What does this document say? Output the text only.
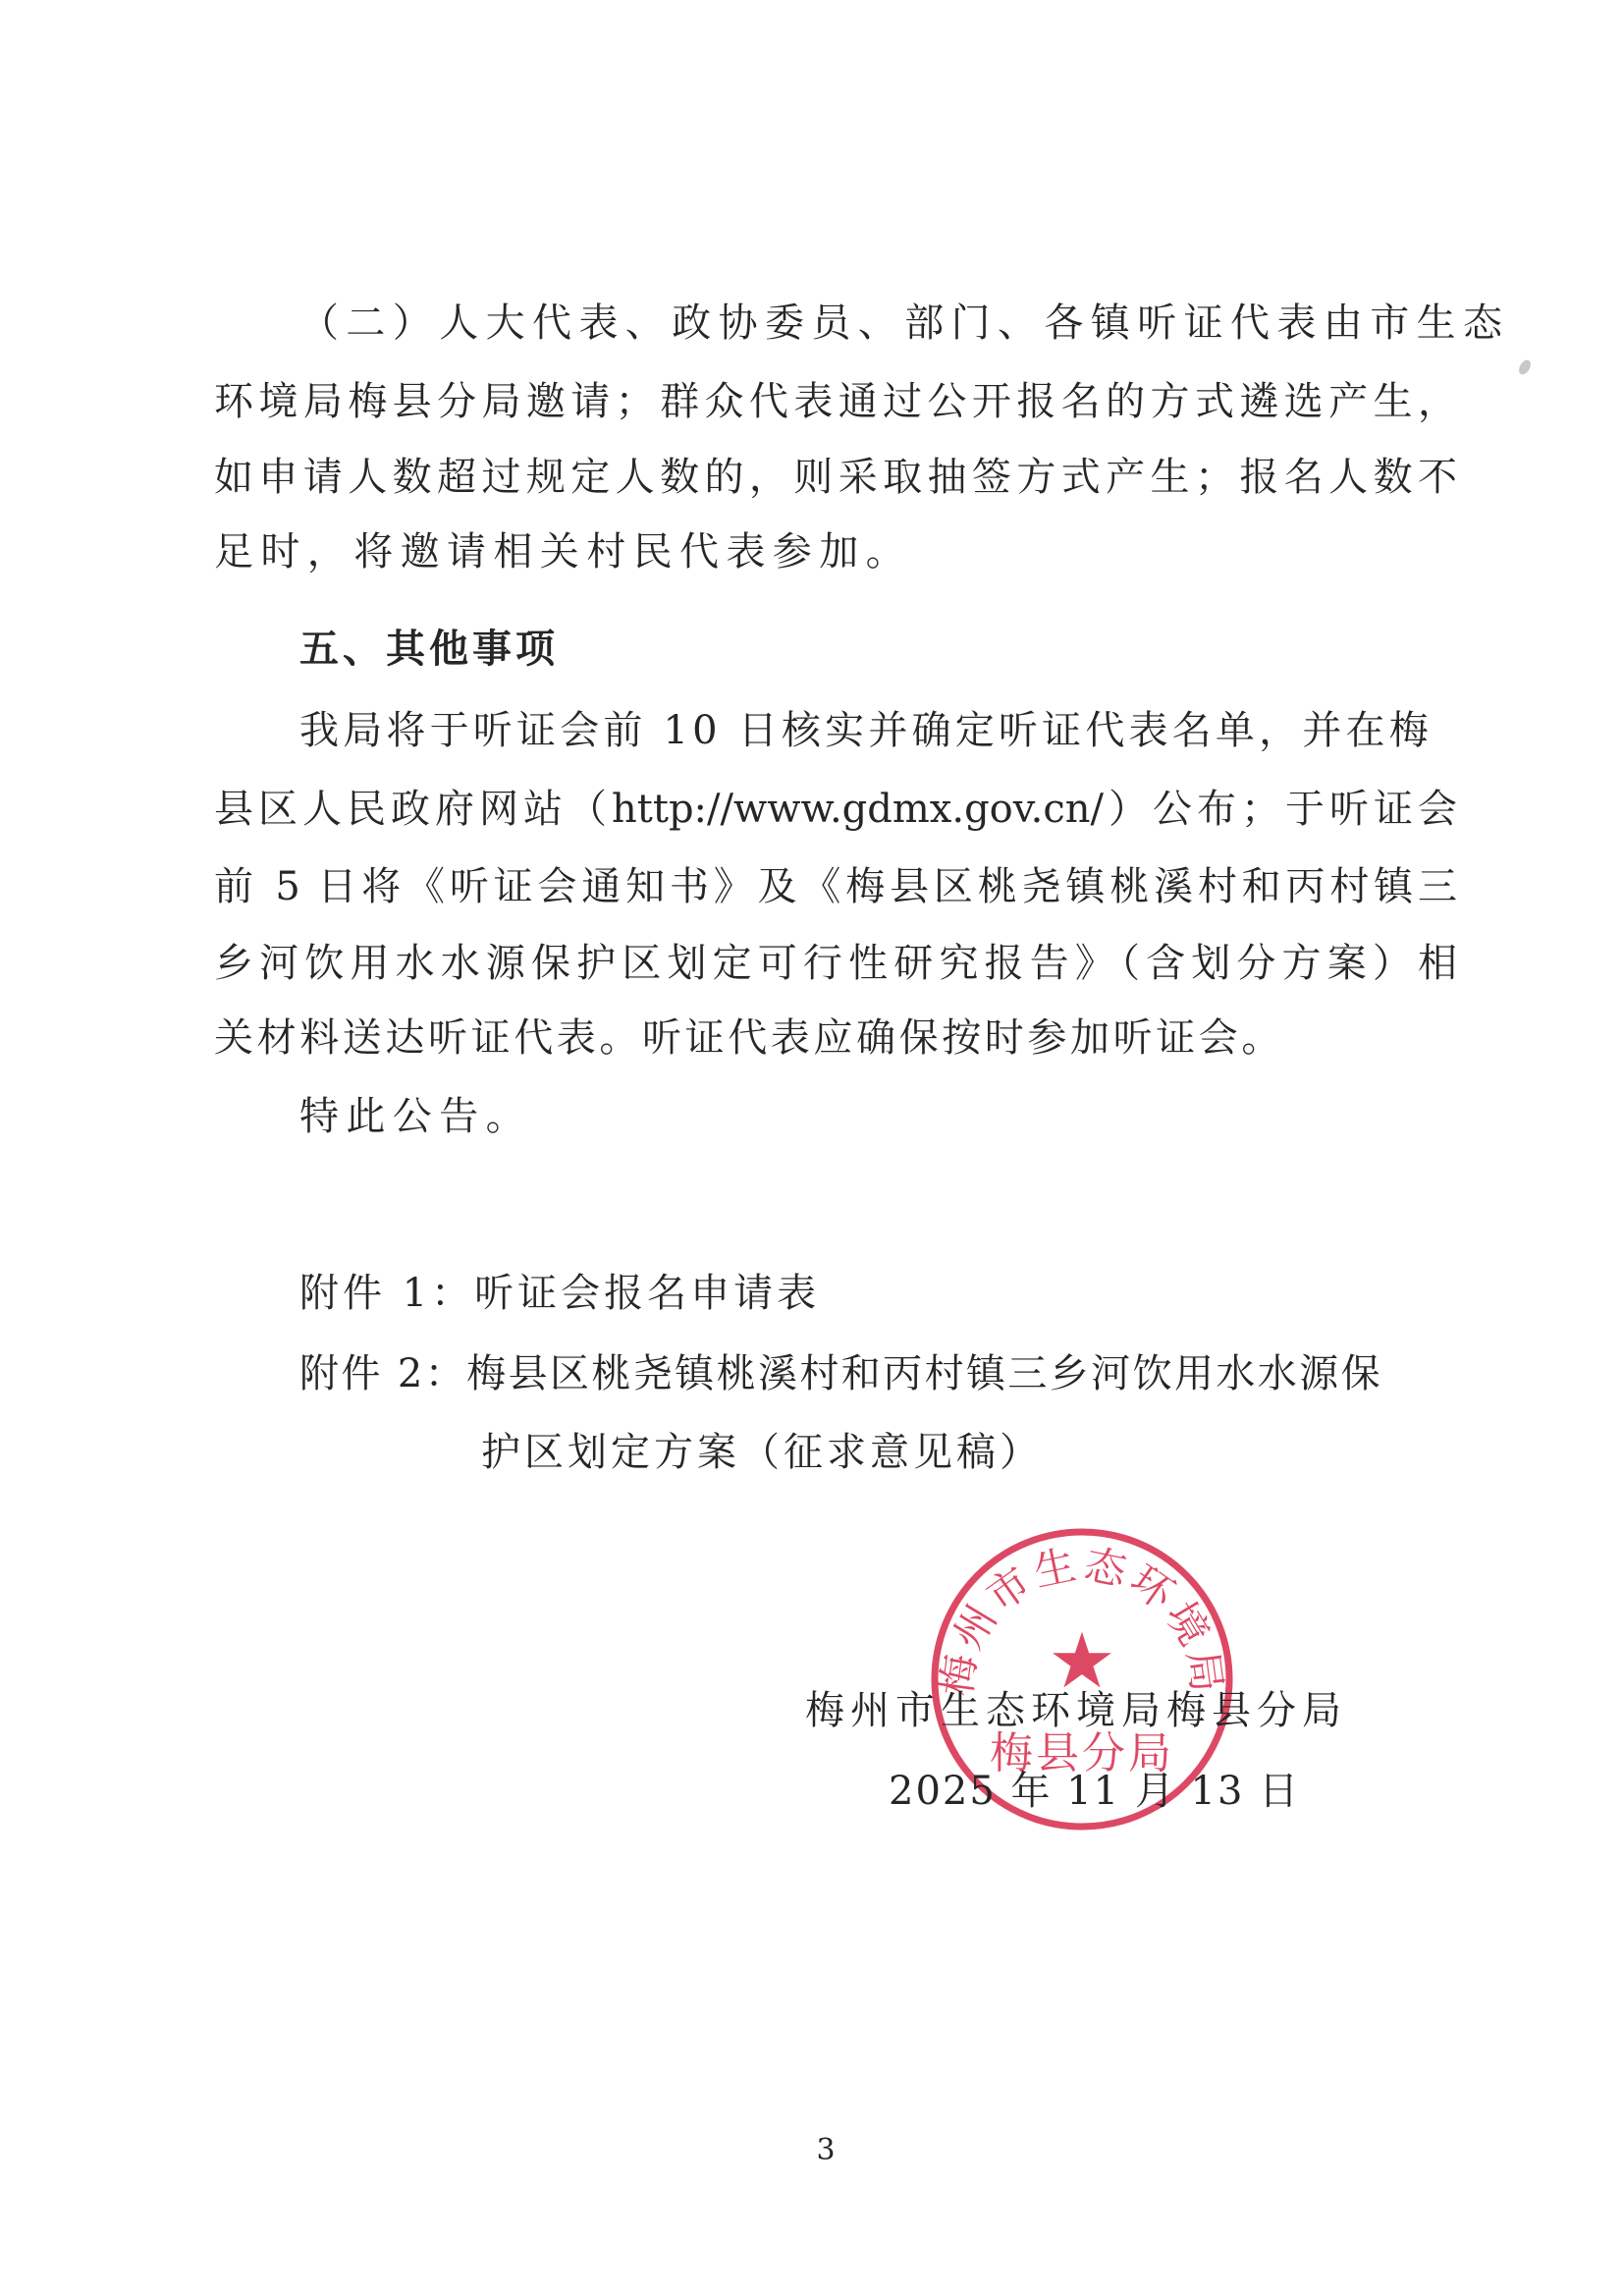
（二）人大代表、政协委员、部门、各镇听证代表由市生态
环境局梅县分局邀请；群众代表通过公开报名的方式遴选产生，
如申请人数超过规定人数的，则采取抽签方式产生；报名人数不
足时，将邀请相关村民代表参加。
五、其他事项
我局将于听证会前 10 日核实并确定听证代表名单，并在梅
县区人民政府网站（http://www.gdmx.gov.cn/）公布；于听证会
前 5 日将《听证会通知书》及《梅县区桃尧镇桃溪村和丙村镇三
乡河饮用水水源保护区划定可行性研究报告》（含划分方案）相
关材料送达听证代表。听证代表应确保按时参加听证会。
特此公告。
附件 1：听证会报名申请表
附件 2：梅县区桃尧镇桃溪村和丙村镇三乡河饮用水水源保
护区划定方案（征求意见稿）
梅州市生态环境局
★
梅县分局
梅州市生态环境局梅县分局
2025 年 11 月 13 日
3
